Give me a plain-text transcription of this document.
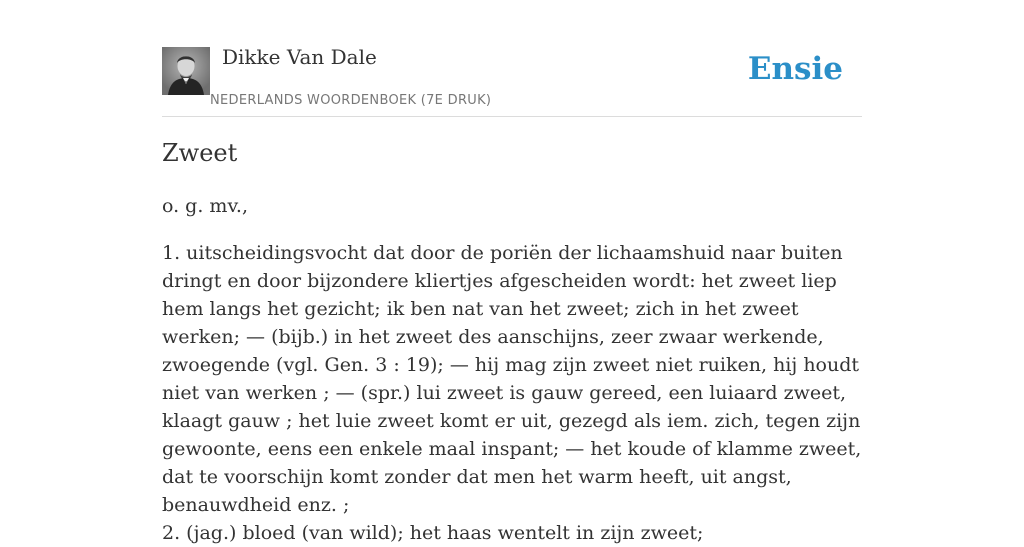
Dikke Van Dale
NEDERLANDS WOORDENBOEK (7E DRUK)
Ensie
Zweet

o. g. mv.,

1. uitscheidingsvocht dat door de poriën der lichaamshuid naar buiten dringt en door bijzondere kliertjes afgescheiden wordt: het zweet liep hem langs het gezicht; ik ben nat van het zweet; zich in het zweet werken; — (bijb.) in het zweet des aanschijns, zeer zwaar werkende, zwoegende (vgl. Gen. 3 : 19); — hij mag zijn zweet niet ruiken, hij houdt niet van werken ; — (spr.) lui zweet is gauw gereed, een luiaard zweet, klaagt gauw ; het luie zweet komt er uit, gezegd als iem. zich, tegen zijn gewoonte, eens een enkele maal inspant; — het koude of klamme zweet, dat te voorschijn komt zonder dat men het warm heeft, uit angst, benauwdheid enz. ;

2. (jag.) bloed (van wild); het haas wentelt in zijn zweet;
